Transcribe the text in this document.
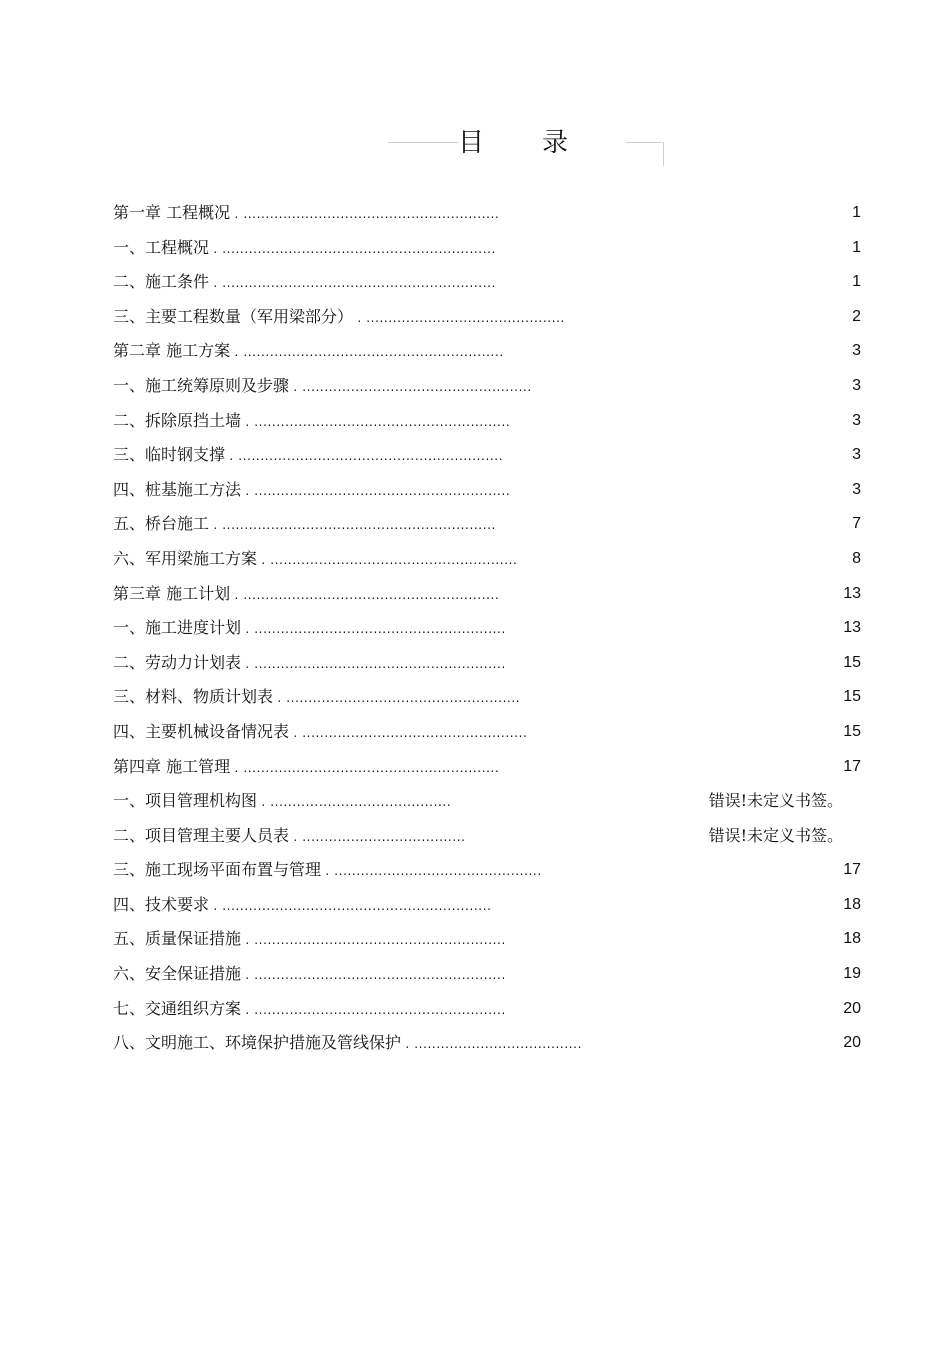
目录
第一章 工程概况 . ..........................................................	1
一、工程概况 . ..............................................................	1
二、施工条件 . ..............................................................	1
三、主要工程数量（军用梁部分） . .............................................	2
第二章 施工方案 . ...........................................................	3
一、施工统筹原则及步骤 . ....................................................	3
二、拆除原挡土墙 . ..........................................................	3
三、临时钢支撑 . ............................................................	3
四、桩基施工方法 . ..........................................................	3
五、桥台施工 . ..............................................................	7
六、军用梁施工方案 . ........................................................	8
第三章 施工计划 . ..........................................................	13
一、施工进度计划 . .........................................................	13
二、劳动力计划表 . .........................................................	15
三、材料、物质计划表 . .....................................................	15
四、主要机械设备情况表 . ...................................................	15
第四章 施工管理 . ..........................................................	17
一、项目管理机构图 . .........................................	错误!未定义书签。
二、项目管理主要人员表 . .....................................	错误!未定义书签。
三、施工现场平面布置与管理 . ...............................................	17
四、技术要求 . .............................................................	18
五、质量保证措施 . .........................................................	18
六、安全保证措施 . .........................................................	19
七、交通组织方案 . .........................................................	20
八、文明施工、环境保护措施及管线保护 . ......................................	20
